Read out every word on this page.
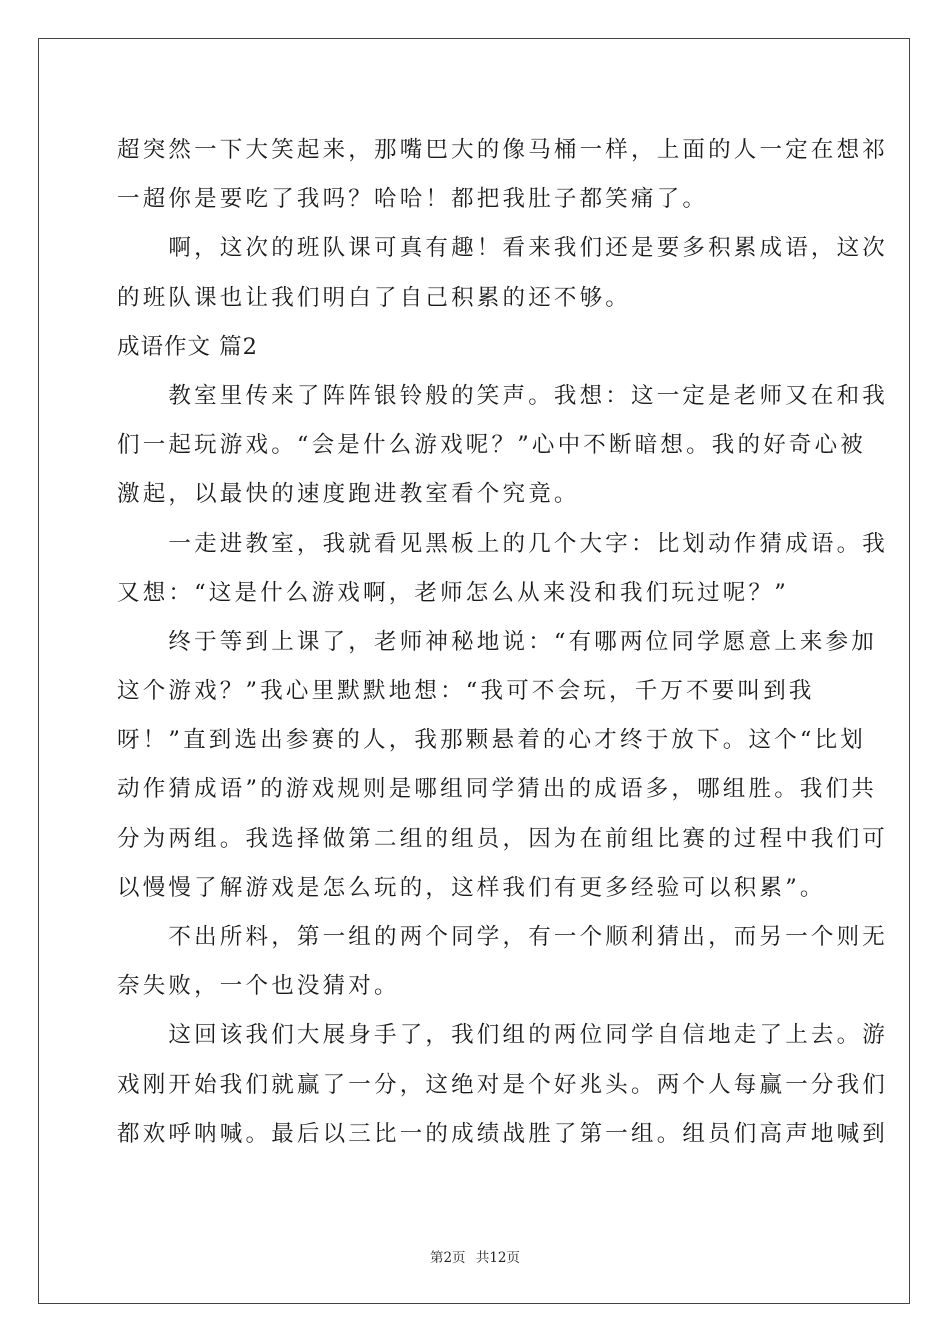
超突然一下大笑起来，那嘴巴大的像马桶一样，上面的人一定在想祁
一超你是要吃了我吗？哈哈！都把我肚子都笑痛了。
　　啊，这次的班队课可真有趣！看来我们还是要多积累成语，这次
的班队课也让我们明白了自己积累的还不够。
成语作文 篇2
　　教室里传来了阵阵银铃般的笑声。我想：这一定是老师又在和我
们一起玩游戏。“会是什么游戏呢？”心中不断暗想。我的好奇心被
激起，以最快的速度跑进教室看个究竟。
　　一走进教室，我就看见黑板上的几个大字：比划动作猜成语。我
又想：“这是什么游戏啊，老师怎么从来没和我们玩过呢？”
　　终于等到上课了，老师神秘地说：“有哪两位同学愿意上来参加
这个游戏？”我心里默默地想：“我可不会玩，千万不要叫到我
呀！”直到选出参赛的人，我那颗悬着的心才终于放下。这个“比划
动作猜成语”的游戏规则是哪组同学猜出的成语多，哪组胜。我们共
分为两组。我选择做第二组的组员，因为在前组比赛的过程中我们可
以慢慢了解游戏是怎么玩的，这样我们有更多经验可以积累”。
　　不出所料，第一组的两个同学，有一个顺利猜出，而另一个则无
奈失败，一个也没猜对。
　　这回该我们大展身手了，我们组的两位同学自信地走了上去。游
戏刚开始我们就赢了一分，这绝对是个好兆头。两个人每赢一分我们
都欢呼呐喊。最后以三比一的成绩战胜了第一组。组员们高声地喊到
第2页 共12页
